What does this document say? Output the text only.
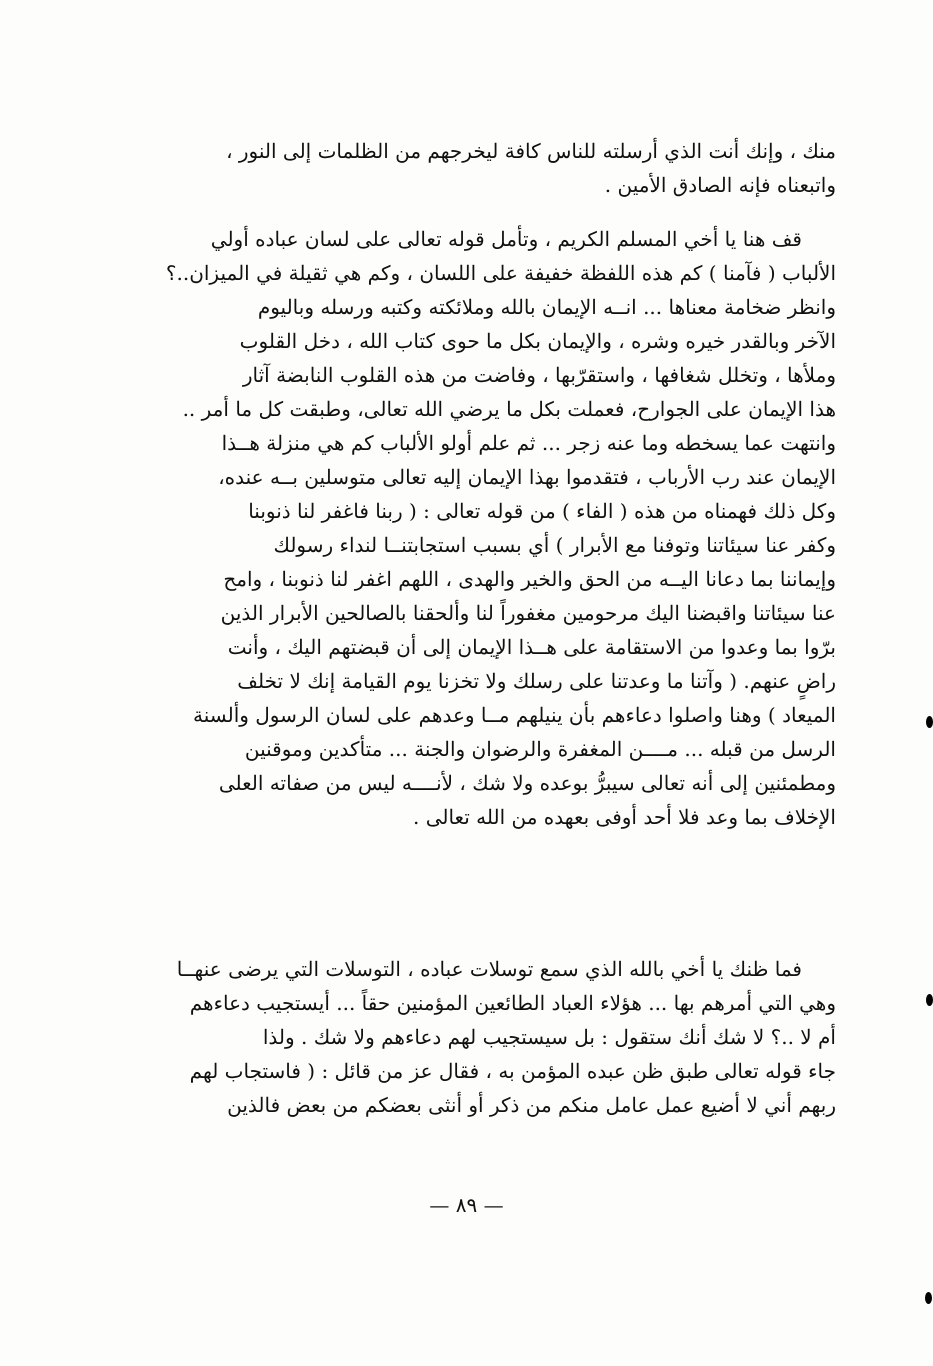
منك ، وإنك أنت الذي أرسلته للناس كافة ليخرجهم من الظلمات إلى النور ،

واتبعناه فإنه الصادق الأمين .

قف هنا يا أخي المسلم الكريم ، وتأمل قوله تعالى على لسان عباده أولي

الألباب ( فآمنا ) كم هذه اللفظة خفيفة على اللسان ، وكم هي ثقيلة في الميزان..؟

وانظر ضخامة معناها ... انــه الإيمان بالله وملائكته وكتبه ورسله وباليوم

الآخر وبالقدر خيره وشره ، والإيمان بكل ما حوى كتاب الله ، دخل القلوب

وملأها ، وتخلل شغافها ، واستقرّبها ، وفاضت من هذه القلوب النابضة آثار

هذا الإيمان على الجوارح، فعملت بكل ما يرضي الله تعالى، وطبقت كل ما أمر ..

وانتهت عما يسخطه وما عنه زجر ... ثم علم أولو الألباب كم هي منزلة هــذا

الإيمان عند رب الأرباب ، فتقدموا بهذا الإيمان إليه تعالى متوسلين بــه عنده،

وكل ذلك فهمناه من هذه ( الفاء ) من قوله تعالى : ( ربنا فاغفر لنا ذنوبنا

وكفر عنا سيئاتنا وتوفنا مع الأبرار ) أي بسبب استجابتنــا لنداء رسولك

وإيماننا بما دعانا اليــه من الحق والخير والهدى ، اللهم اغفر لنا ذنوبنا ، وامح

عنا سيئاتنا واقبضنا اليك مرحومين مغفوراً لنا وألحقنا بالصالحين الأبرار الذين

برّوا بما وعدوا من الاستقامة على هــذا الإيمان إلى أن قبضتهم اليك ، وأنت

راضٍ عنهم. ( وآتنا ما وعدتنا على رسلك ولا تخزنا يوم القيامة إنك لا تخلف

الميعاد ) وهنا واصلوا دعاءهم بأن ينيلهم مــا وعدهم على لسان الرسول وألسنة

الرسل من قبله ... مــــن المغفرة والرضوان والجنة ... متأكدين وموقنين

ومطمئنين إلى أنه تعالى سيبرُّ بوعده ولا شك ، لأنــــه ليس من صفاته العلى

الإخلاف بما وعد فلا أحد أوفى بعهده من الله تعالى .

فما ظنك يا أخي بالله الذي سمع توسلات عباده ، التوسلات التي يرضى عنهــا

وهي التي أمرهم بها ... هؤلاء العباد الطائعين المؤمنين حقاً ... أيستجيب دعاءهم

أم لا ..؟ لا شك أنك ستقول : بل سيستجيب لهم دعاءهم ولا شك . ولذا

جاء قوله تعالى طبق ظن عبده المؤمن به ، فقال عز من قائل : ( فاستجاب لهم

ربهم أني لا أضيع عمل عامل منكم من ذكر أو أنثى بعضكم من بعض فالذين

— ٨٩ —
